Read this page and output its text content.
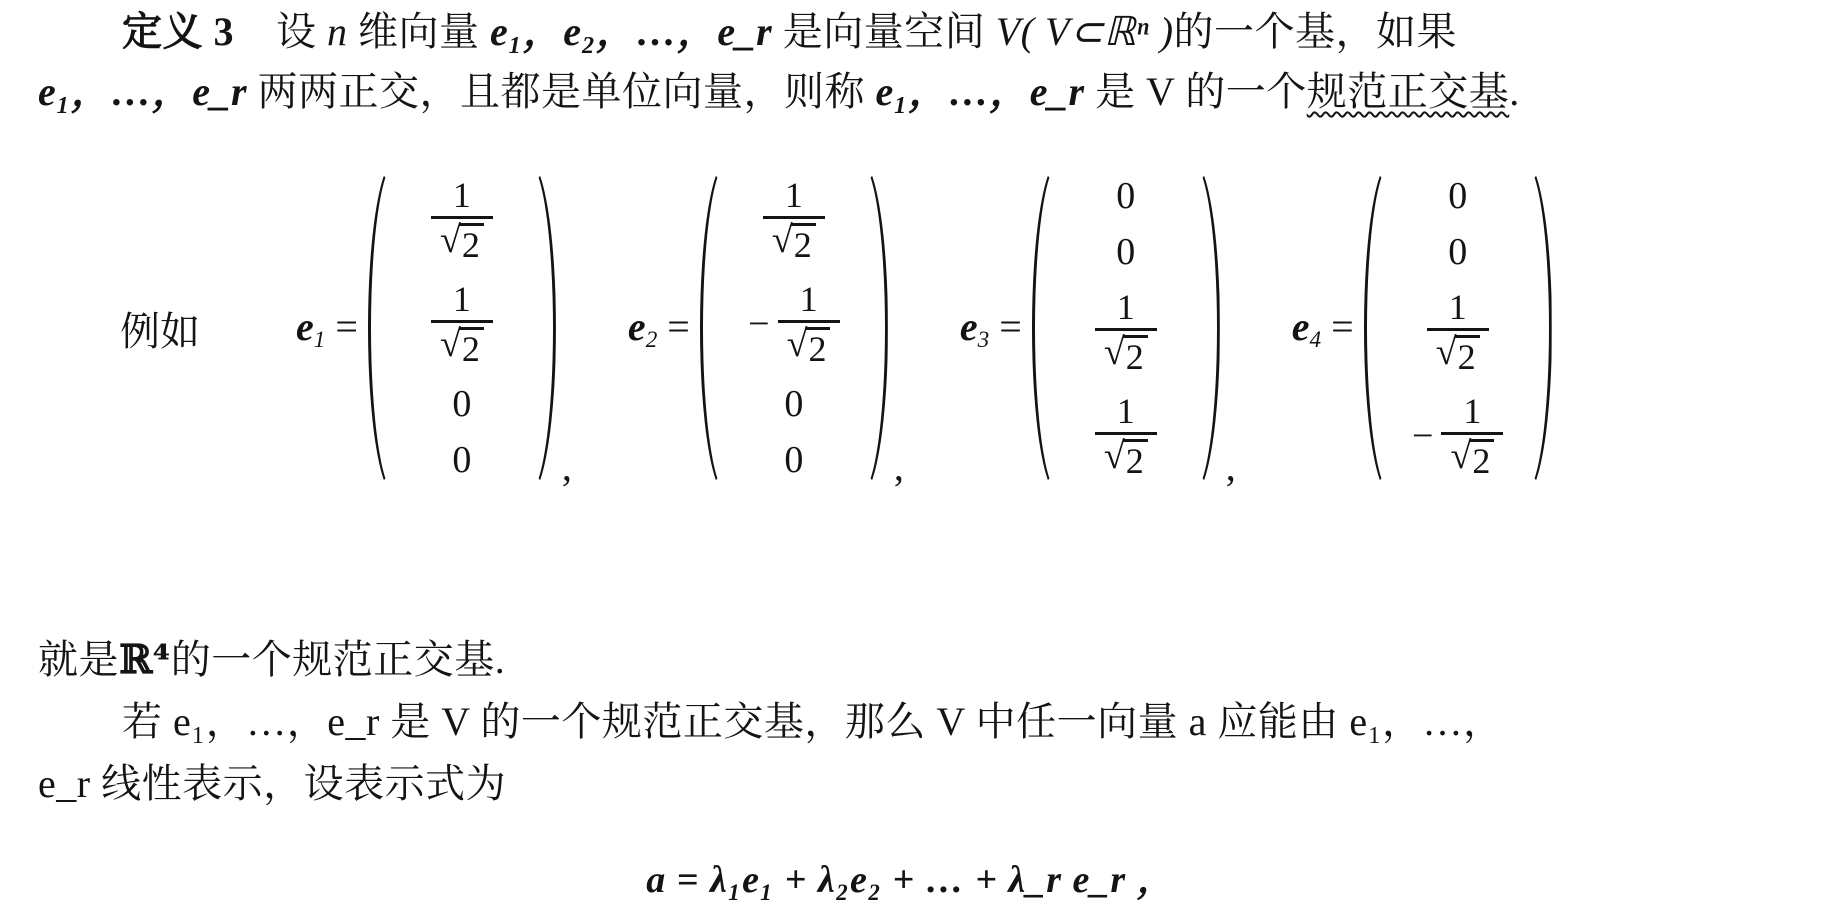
定义 3 设 n 维向量 e₁，e₂，…，e_r 是向量空间 V( V⊂ℝⁿ )的一个基，如果
e₁，…，e_r 两两正交，且都是单位向量，则称 e₁，…，e_r 是 V 的一个规范正交基.
例如 $e_1$ =
$\frac{1}{√ 2}$
$\frac{1}{√ 2}$
0
0 ,
$e_2$ =
$\frac{1}{√ 2}$
− $\frac{1}{√ 2}$
0
0 ,
$e_3$ =
0
0
$\frac{1}{√ 2}$
$\frac{1}{√ 2}$ ,
$e_4$ =
0
0
$\frac{1}{√ 2}$
− $\frac{1}{√ 2}$
就是ℝ⁴的一个规范正交基.
若 e₁，…，e_r 是 V 的一个规范正交基，那么 V 中任一向量 a 应能由 e₁，…，
e_r 线性表示，设表示式为
a = λ₁e₁ + λ₂e₂ + … + λ_r e_r ，
